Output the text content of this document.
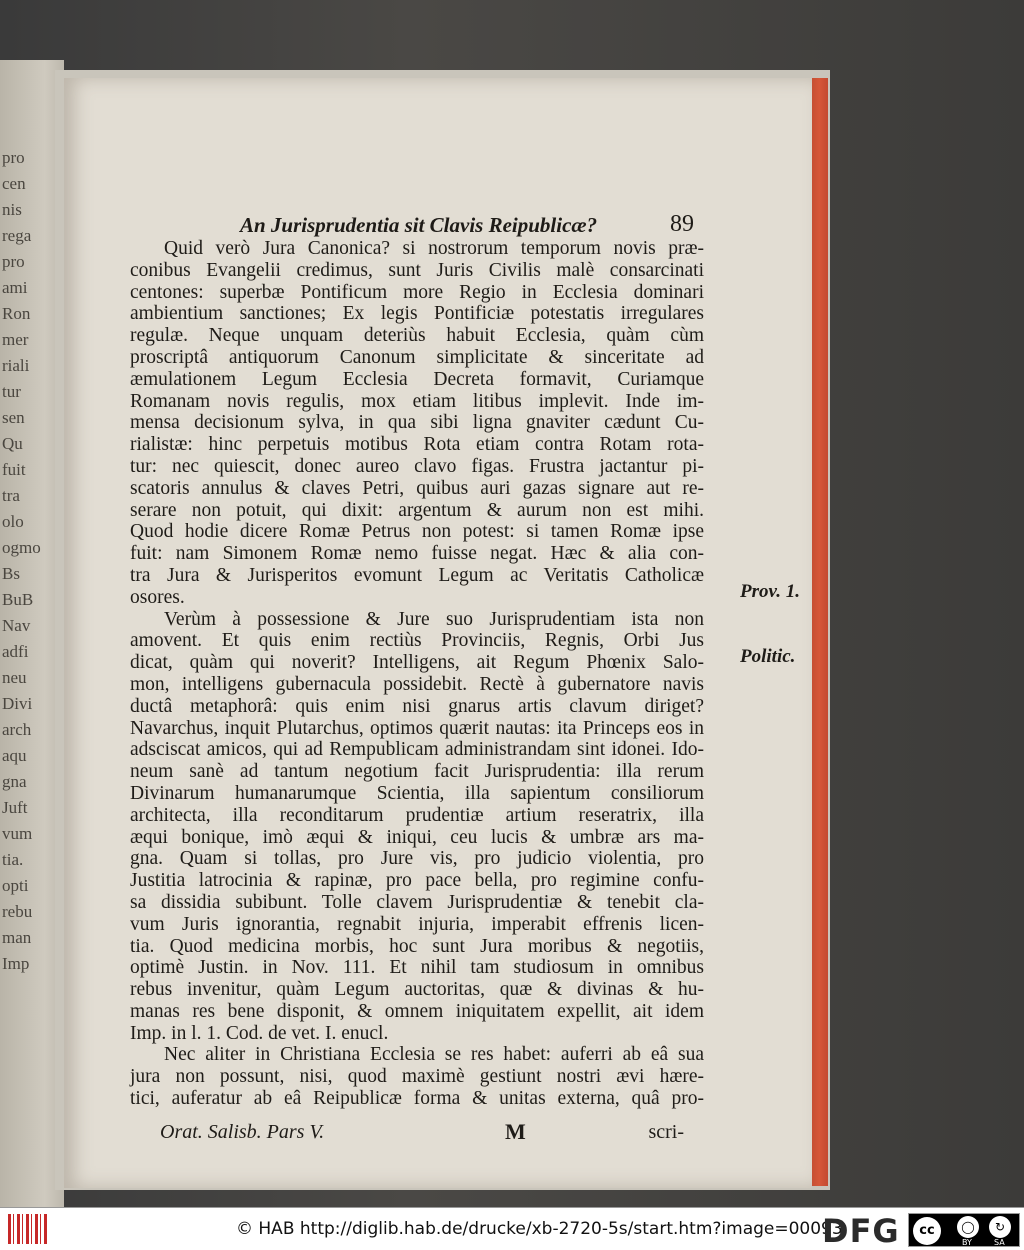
pro
cen
nis
rega
pro
ami
Ron
mer
riali
tur
sen
Qu
fuit
tra
olo
ogmo
Bs
BuB
Nav
adfi
neu
Divi
arch
aqu
gna
Juft
vum
tia.
opti
rebu
man
Imp
An Jurisprudentia sit Clavis Reipublicæ?	89
Quid verò Jura Canonica? si nostrorum temporum novis præ-
conibus Evangelii credimus, sunt Juris Civilis malè consarcinati
centones: superbæ Pontificum more Regio in Ecclesia dominari
ambientium sanctiones; Ex legis Pontificiæ potestatis irregulares
regulæ. Neque unquam deteriùs habuit Ecclesia, quàm cùm
proscriptâ antiquorum Canonum simplicitate & sinceritate ad
æmulationem Legum Ecclesia Decreta formavit, Curiamque
Romanam novis regulis, mox etiam litibus implevit. Inde im-
mensa decisionum sylva, in qua sibi ligna gnaviter cædunt Cu-
rialistæ: hinc perpetuis motibus Rota etiam contra Rotam rota-
tur: nec quiescit, donec aureo clavo figas. Frustra jactantur pi-
scatoris annulus & claves Petri, quibus auri gazas signare aut re-
serare non potuit, qui dixit: argentum & aurum non est mihi.
Quod hodie dicere Romæ Petrus non potest: si tamen Romæ ipse
fuit: nam Simonem Romæ nemo fuisse negat. Hæc & alia con-
tra Jura & Jurisperitos evomunt Legum ac Veritatis Catholicæ
osores.
Verùm à possessione & Jure suo Jurisprudentiam ista non
amovent. Et quis enim rectiùs Provinciis, Regnis, Orbi Jus
dicat, quàm qui noverit? Intelligens, ait Regum Phœnix Salo-
mon, intelligens gubernacula possidebit. Rectè à gubernatore navis
ductâ metaphorâ: quis enim nisi gnarus artis clavum diriget?
Navarchus, inquit Plutarchus, optimos quærit nautas: ita Princeps eos in
adsciscat amicos, qui ad Rempublicam administrandam sint idonei. Ido-
neum sanè ad tantum negotium facit Jurisprudentia: illa rerum
Divinarum humanarumque Scientia, illa sapientum consiliorum
architecta, illa reconditarum prudentiæ artium reseratrix, illa
æqui bonique, imò æqui & iniqui, ceu lucis & umbræ ars ma-
gna. Quam si tollas, pro Jure vis, pro judicio violentia, pro
Justitia latrocinia & rapinæ, pro pace bella, pro regimine confu-
sa dissidia subibunt. Tolle clavem Jurisprudentiæ & tenebit cla-
vum Juris ignorantia, regnabit injuria, imperabit effrenis licen-
tia. Quod medicina morbis, hoc sunt Jura moribus & negotiis,
optimè Justin. in Nov. 111. Et nihil tam studiosum in omnibus
rebus invenitur, quàm Legum auctoritas, quæ & divinas & hu-
manas res bene disponit, & omnem iniquitatem expellit, ait idem
Imp. in l. 1. Cod. de vet. I. enucl.
Nec aliter in Christiana Ecclesia se res habet: auferri ab eâ sua
jura non possunt, nisi, quod maximè gestiunt nostri ævi hære-
tici, auferatur ab eâ Reipublicæ forma & unitas externa, quâ pro-
Prov. 1.
Politic.
Orat. Salisb. Pars V.	M	scri-
© HAB http://diglib.hab.de/drucke/xb-2720-5s/start.htm?image=00093
DFG	cc	◯	↻
BY	SA
